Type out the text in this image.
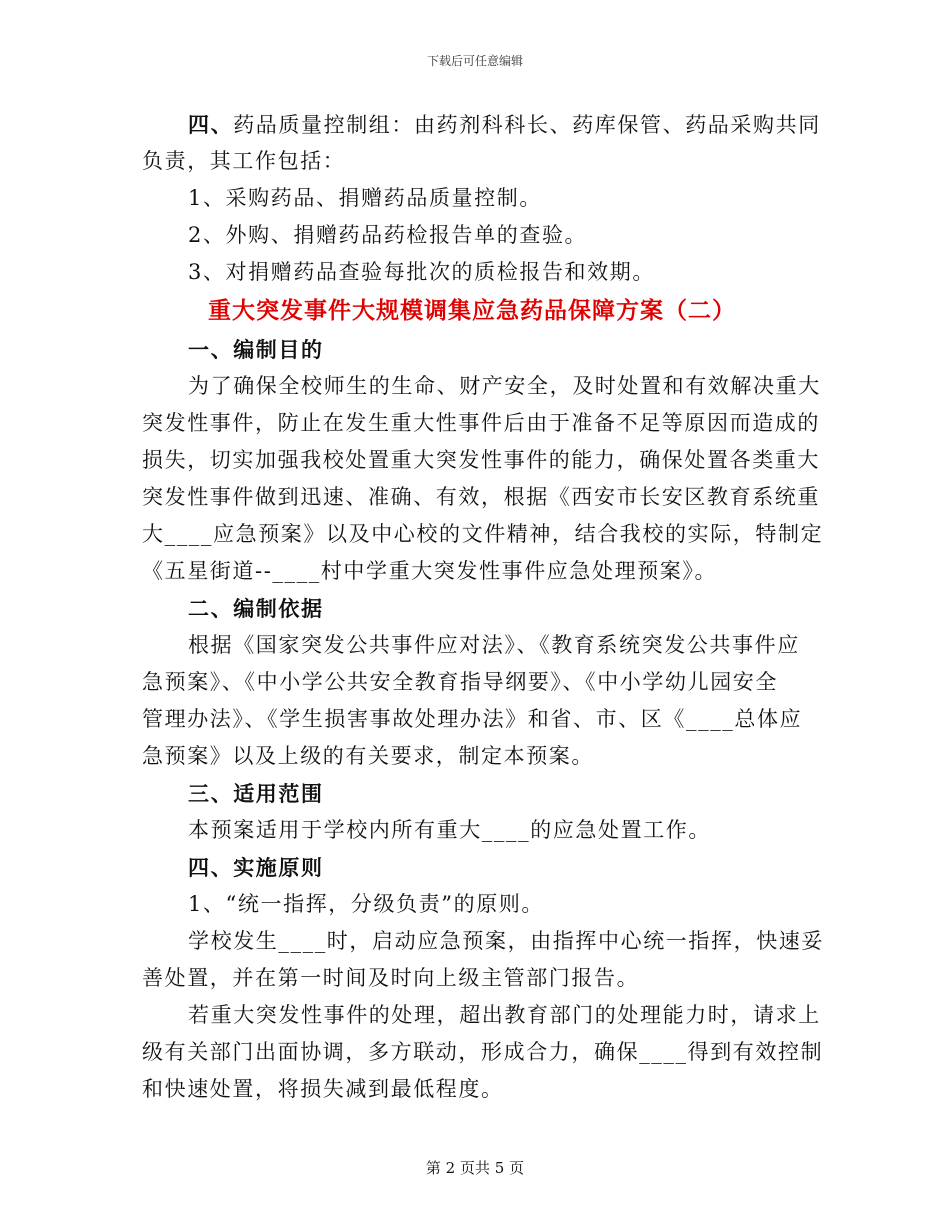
下载后可任意编辑
四、药品质量控制组：由药剂科科长、药库保管、药品采购共同
负责，其工作包括：
1、采购药品、捐赠药品质量控制。
2、外购、捐赠药品药检报告单的查验。
3、对捐赠药品查验每批次的质检报告和效期。
重大突发事件大规模调集应急药品保障方案（二）
一、编制目的
为了确保全校师生的生命、财产安全，及时处置和有效解决重大
突发性事件，防止在发生重大性事件后由于准备不足等原因而造成的
损失，切实加强我校处置重大突发性事件的能力，确保处置各类重大
突发性事件做到迅速、准确、有效，根据《西安市长安区教育系统重
大____应急预案》以及中心校的文件精神，结合我校的实际，特制定
《五星街道--____村中学重大突发性事件应急处理预案》。
二、编制依据
根据《国家突发公共事件应对法》、《教育系统突发公共事件应
急预案》、《中小学公共安全教育指导纲要》、《中小学幼儿园安全
管理办法》、《学生损害事故处理办法》和省、市、区《____总体应
急预案》以及上级的有关要求，制定本预案。
三、适用范围
本预案适用于学校内所有重大____的应急处置工作。
四、实施原则
1、“统一指挥，分级负责”的原则。
学校发生____时，启动应急预案，由指挥中心统一指挥，快速妥
善处置，并在第一时间及时向上级主管部门报告。
若重大突发性事件的处理，超出教育部门的处理能力时，请求上
级有关部门出面协调，多方联动，形成合力，确保____得到有效控制
和快速处置，将损失减到最低程度。
第 2 页共 5 页
